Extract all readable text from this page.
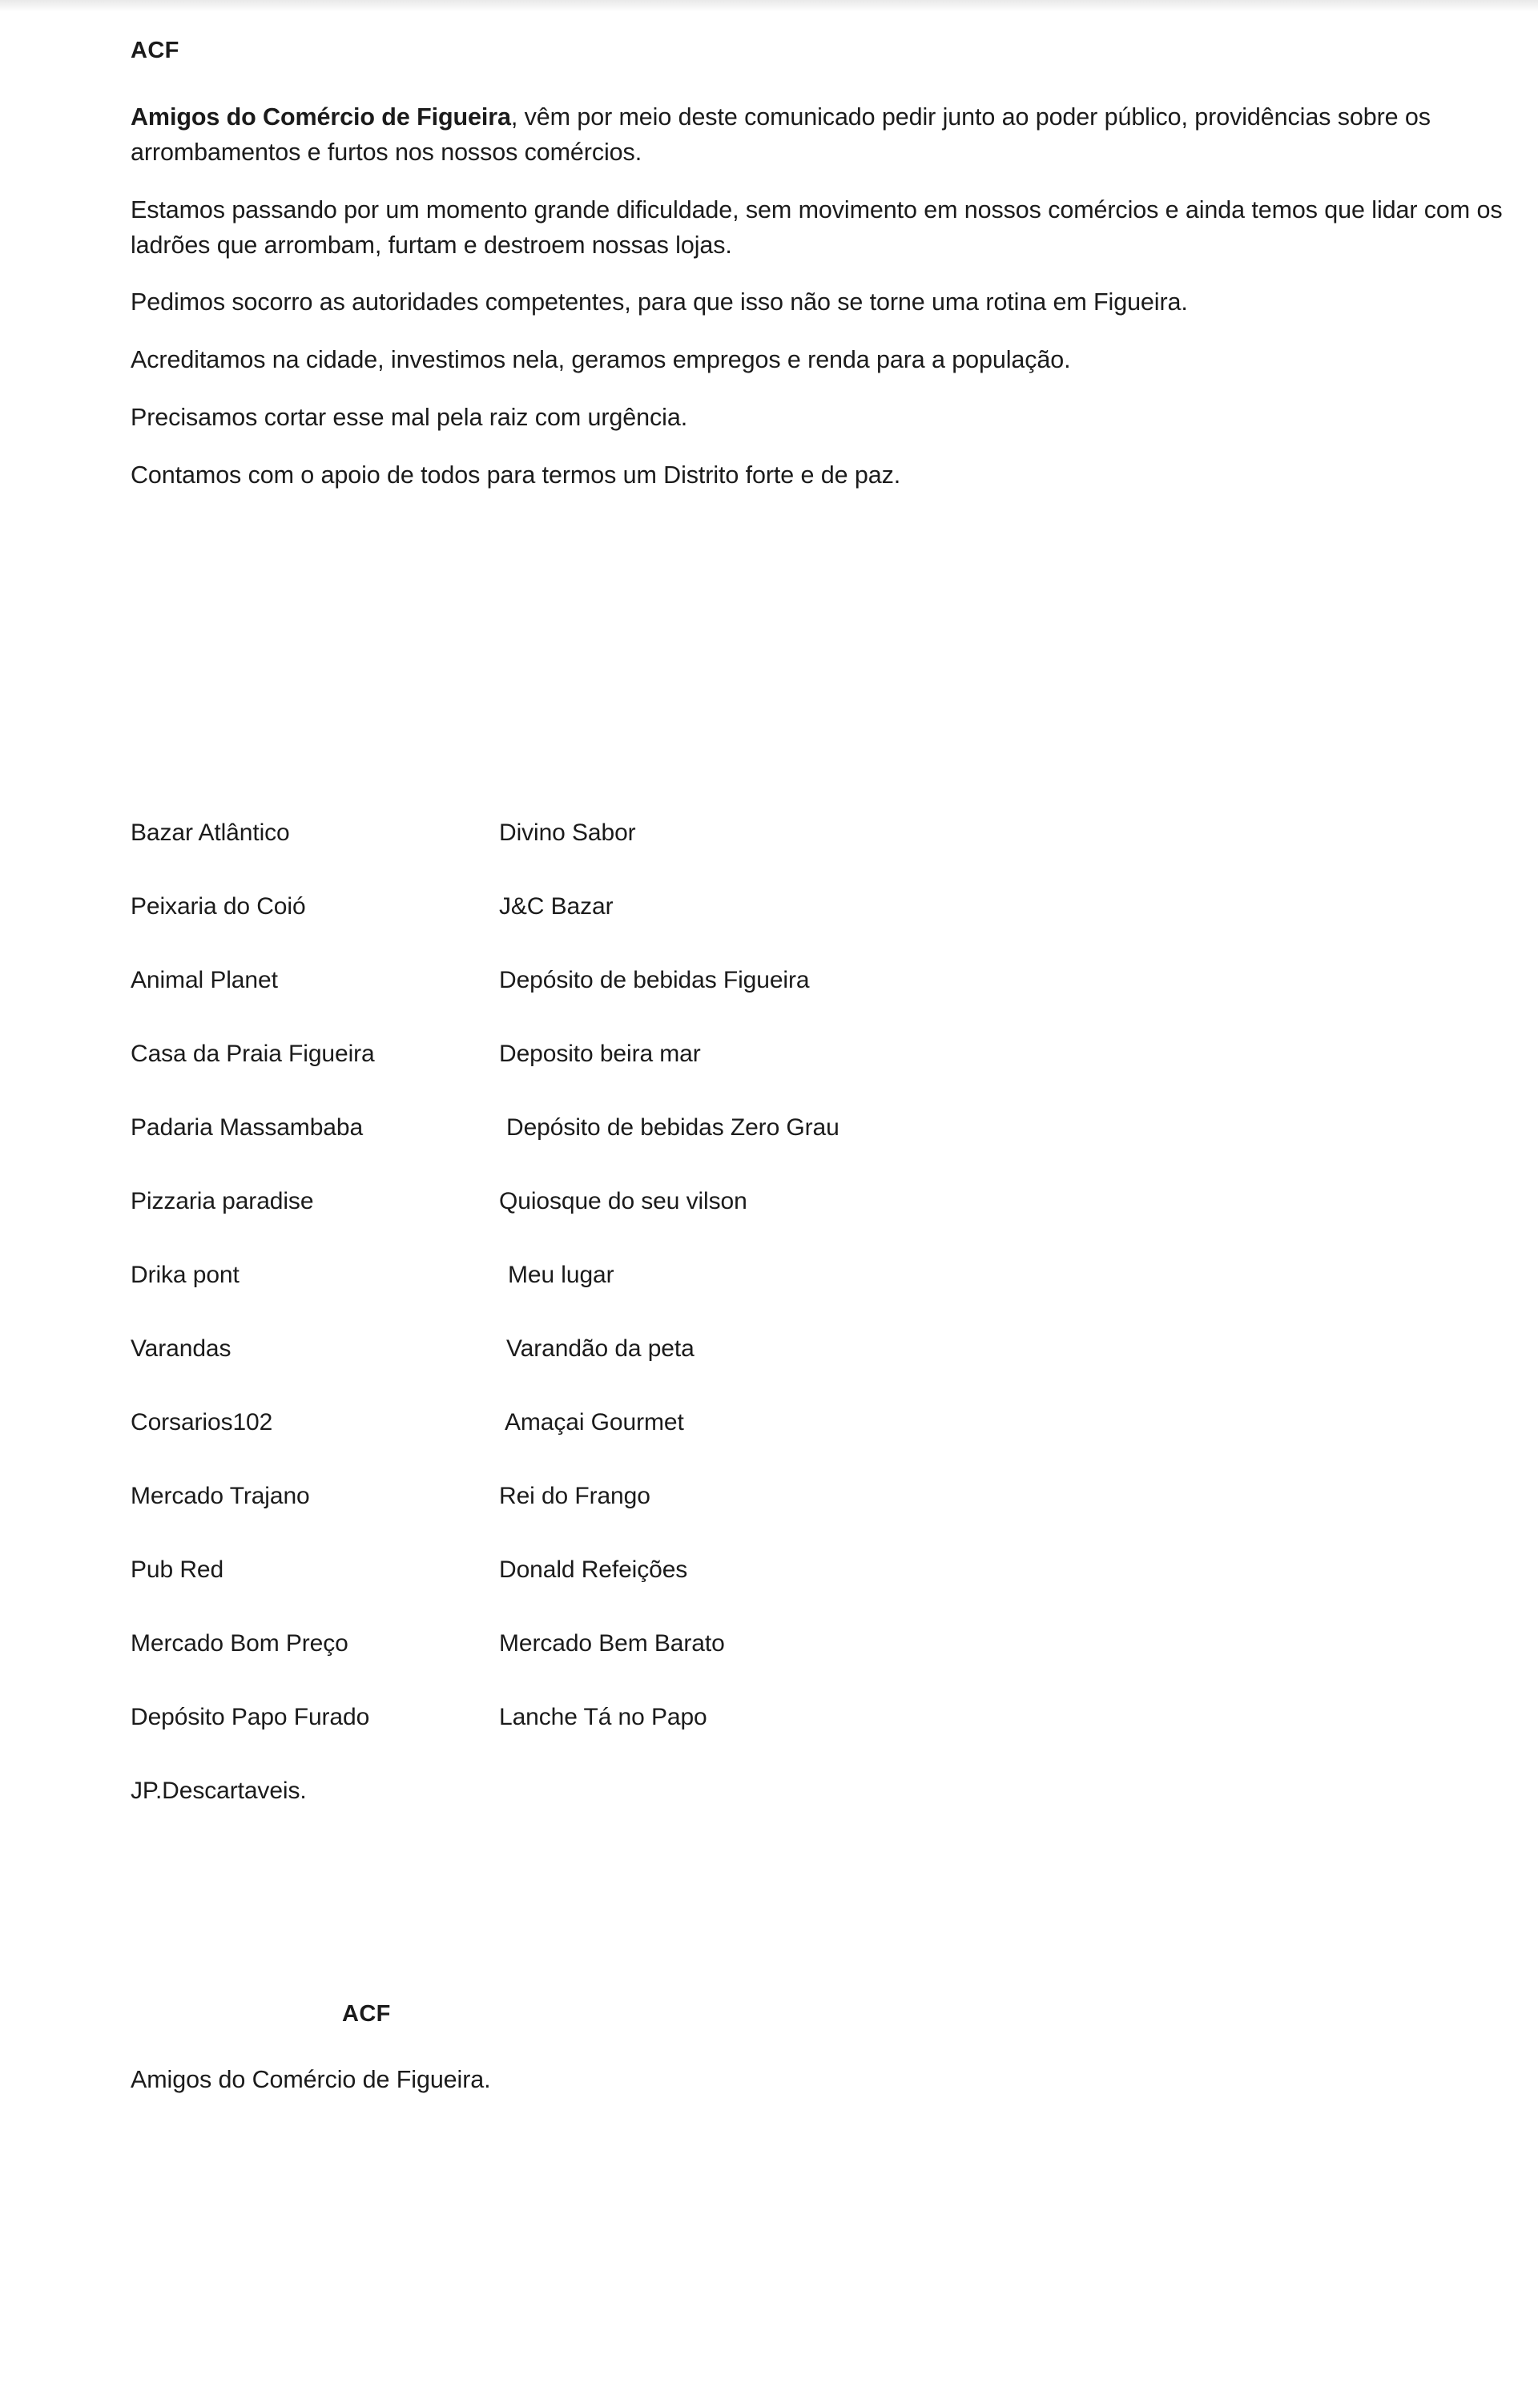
ACF

Amigos do Comércio de Figueira, vêm por meio deste comunicado pedir junto ao poder público, providências sobre os arrombamentos e furtos nos nossos comércios.

Estamos passando por um momento grande dificuldade, sem movimento em nossos comércios e ainda temos que lidar com os ladrões que arrombam, furtam e destroem nossas lojas.

Pedimos socorro as autoridades competentes, para que isso não se torne uma rotina em Figueira.

Acreditamos na cidade, investimos nela, geramos empregos e renda para a população.

Precisamos cortar esse mal pela raiz com urgência.

Contamos com o apoio de todos para termos um Distrito forte e de paz.

Bazar Atlântico	Divino Sabor
Peixaria do Coió	J&C Bazar
Animal Planet	Depósito de bebidas Figueira
Casa da Praia Figueira	Deposito beira mar
Padaria Massambaba	Depósito de bebidas Zero Grau
Pizzaria paradise	Quiosque do seu vilson
Drika pont	Meu lugar
Varandas	Varandão da peta
Corsarios102	Amaçai Gourmet
Mercado Trajano	Rei do Frango
Pub Red	Donald Refeições
Mercado Bom Preço	Mercado Bem Barato
Depósito Papo Furado	Lanche Tá no Papo
JP.Descartaveis.

ACF

Amigos do Comércio de Figueira.
